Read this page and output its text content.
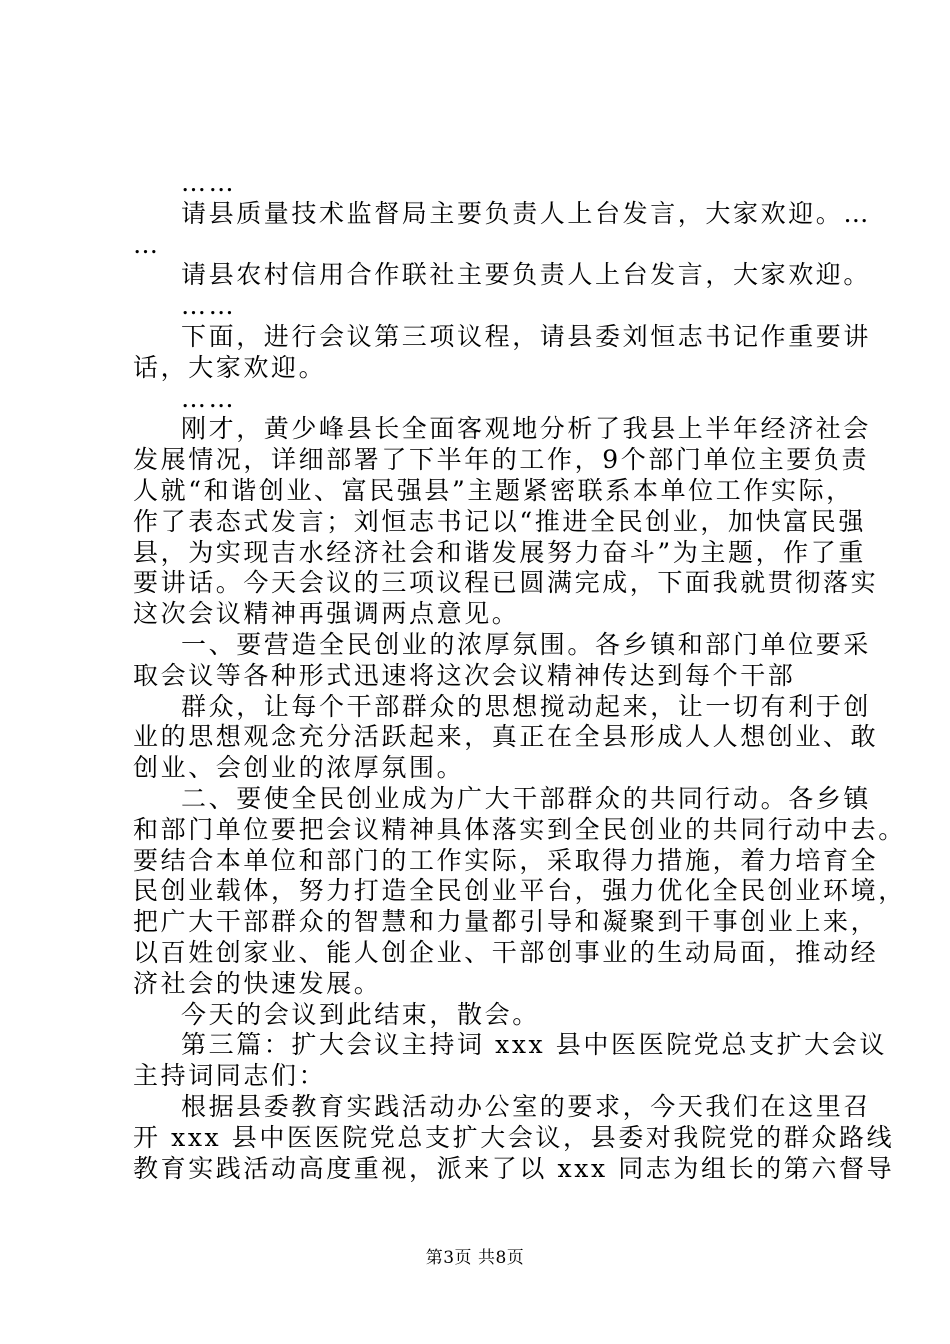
……

请县质量技术监督局主要负责人上台发言，大家欢迎。…

…

请县农村信用合作联社主要负责人上台发言，大家欢迎。

……

下面，进行会议第三项议程，请县委刘恒志书记作重要讲

话，大家欢迎。

……

刚才，黄少峰县长全面客观地分析了我县上半年经济社会

发展情况，详细部署了下半年的工作，9个部门单位主要负责

人就“和谐创业、富民强县”主题紧密联系本单位工作实际，

作了表态式发言；刘恒志书记以“推进全民创业，加快富民强

县，为实现吉水经济社会和谐发展努力奋斗”为主题，作了重

要讲话。今天会议的三项议程已圆满完成，下面我就贯彻落实

这次会议精神再强调两点意见。

一、要营造全民创业的浓厚氛围。各乡镇和部门单位要采

取会议等各种形式迅速将这次会议精神传达到每个干部

群众，让每个干部群众的思想搅动起来，让一切有利于创

业的思想观念充分活跃起来，真正在全县形成人人想创业、敢

创业、会创业的浓厚氛围。

二、要使全民创业成为广大干部群众的共同行动。各乡镇

和部门单位要把会议精神具体落实到全民创业的共同行动中去。

要结合本单位和部门的工作实际，采取得力措施，着力培育全

民创业载体，努力打造全民创业平台，强力优化全民创业环境，

把广大干部群众的智慧和力量都引导和凝聚到干事创业上来，

以百姓创家业、能人创企业、干部创事业的生动局面，推动经

济社会的快速发展。

今天的会议到此结束，散会。

第三篇：扩大会议主持词 xxx 县中医医院党总支扩大会议

主持词同志们：

根据县委教育实践活动办公室的要求，今天我们在这里召

开 xxx 县中医医院党总支扩大会议，县委对我院党的群众路线

教育实践活动高度重视，派来了以 xxx 同志为组长的第六督导

第3页 共8页
